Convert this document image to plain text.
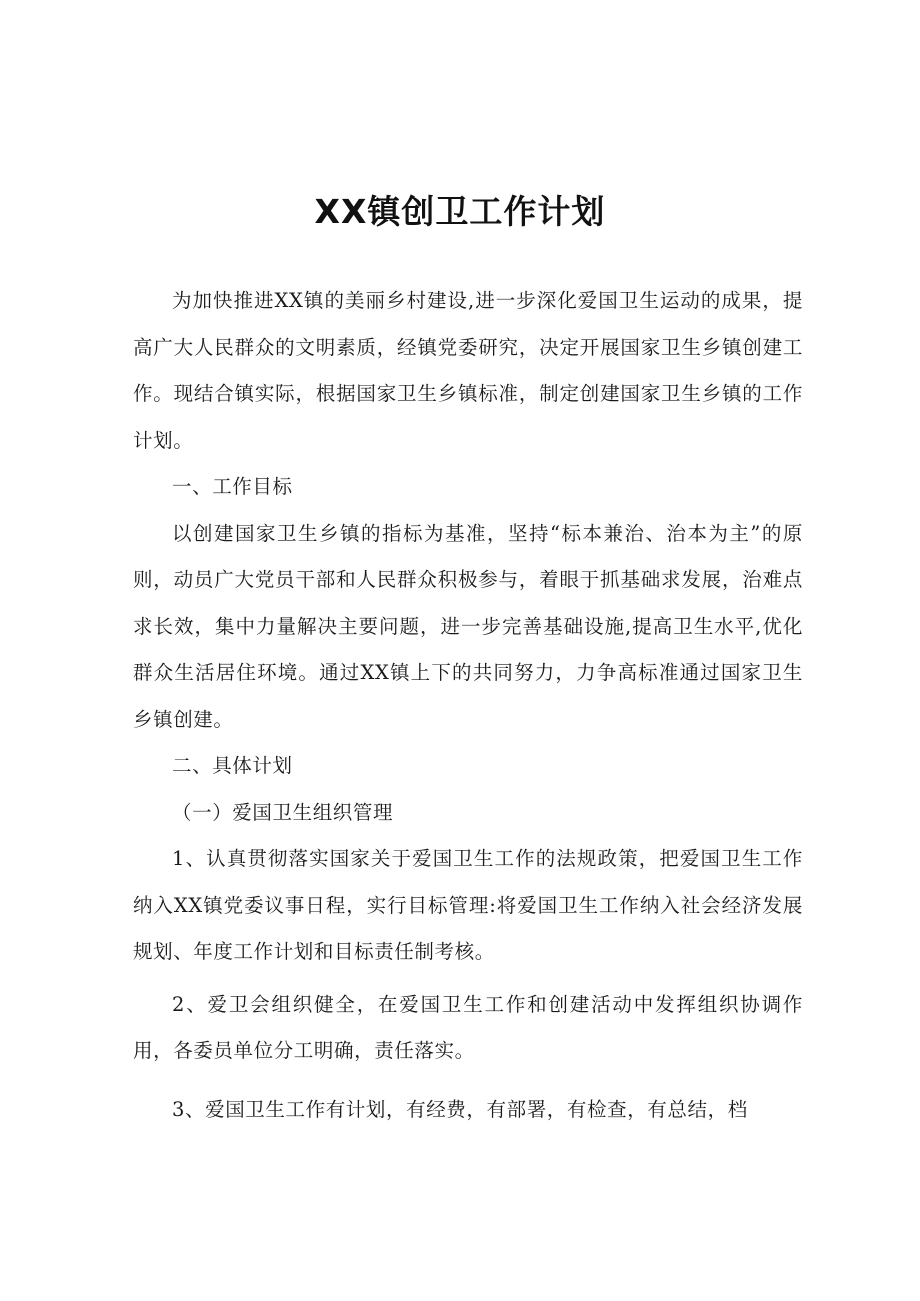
XX镇创卫工作计划

为加快推进XX镇的美丽乡村建设,进一步深化爱国卫生运动的成果，提高广大人民群众的文明素质，经镇党委研究，决定开展国家卫生乡镇创建工作。现结合镇实际，根据国家卫生乡镇标准，制定创建国家卫生乡镇的工作计划。

一、工作目标

以创建国家卫生乡镇的指标为基准，坚持“标本兼治、治本为主”的原则，动员广大党员干部和人民群众积极参与，着眼于抓基础求发展，治难点求长效，集中力量解决主要问题，进一步完善基础设施,提高卫生水平,优化群众生活居住环境。通过XX镇上下的共同努力，力争高标准通过国家卫生乡镇创建。

二、具体计划

（一）爱国卫生组织管理

1、认真贯彻落实国家关于爱国卫生工作的法规政策，把爱国卫生工作纳入XX镇党委议事日程，实行目标管理:将爱国卫生工作纳入社会经济发展规划、年度工作计划和目标责任制考核。

2、爱卫会组织健全，在爱国卫生工作和创建活动中发挥组织协调作用，各委员单位分工明确，责任落实。

3、爱国卫生工作有计划，有经费，有部署，有检查，有总结，档
